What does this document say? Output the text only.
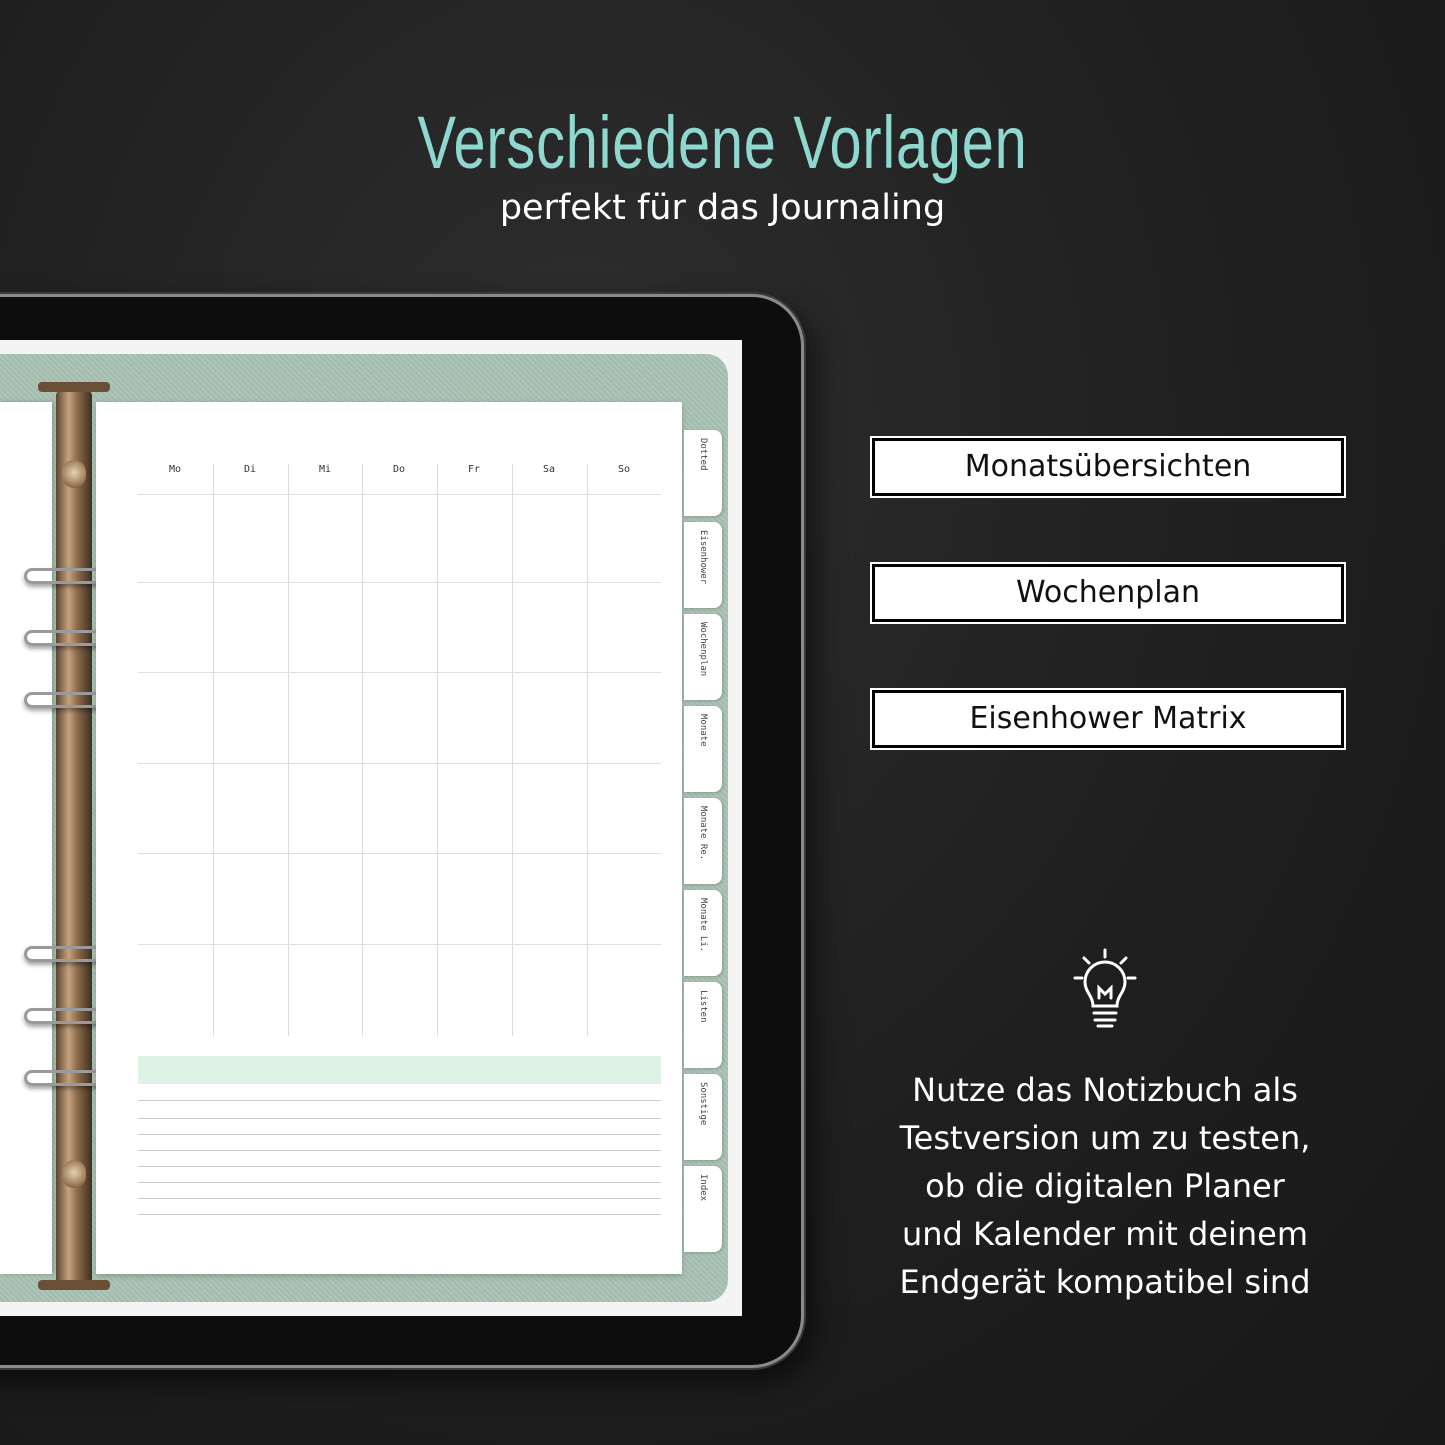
Verschiedene Vorlagen
perfekt für das Journaling
Mo	Di	Mi	Do	Fr	Sa	So	Dotted
Eisenhower
Wochenplan
Monate
Monate Re.
Monate Li.
Listen
Sonstige
Index
Monatsübersichten
Wochenplan
Eisenhower Matrix
Nutze das Notizbuch als
Testversion um zu testen,
ob die digitalen Planer
und Kalender mit deinem
Endgerät kompatibel sind
